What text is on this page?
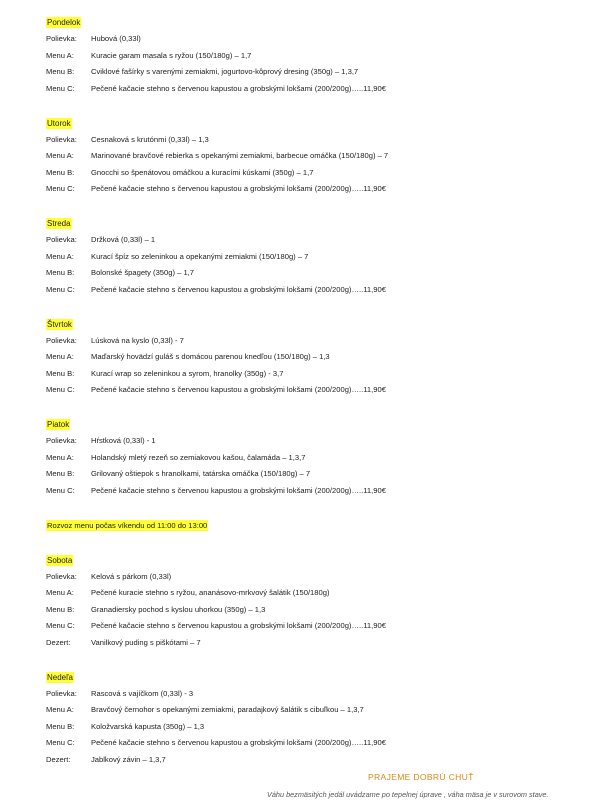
Pondelok
Polievka: Hubová (0,33l)
Menu A: Kuracie garam masala s ryžou (150/180g) – 1,7
Menu B: Cviklové fašírky s varenými zemiakmi, jogurtovo-kôprový dresing (350g) – 1,3,7
Menu C: Pečené kačacie stehno s červenou kapustou a grobskými lokšami (200/200g)…..11,90€
Utorok
Polievka: Cesnaková s krutónmi (0,33l) – 1,3
Menu A: Marinované bravčové rebierka s opekanými zemiakmi, barbecue omáčka (150/180g) – 7
Menu B: Gnocchi so špenátovou omáčkou a kuracími kúskami (350g) – 1,7
Menu C: Pečené kačacie stehno s červenou kapustou a grobskými lokšami (200/200g)…..11,90€
Streda
Polievka: Držková (0,33l) – 1
Menu A: Kurací špíz so zeleninkou a opekanými zemiakmi (150/180g) – 7
Menu B: Bolonské špagety (350g) – 1,7
Menu C: Pečené kačacie stehno s červenou kapustou a grobskými lokšami (200/200g)…..11,90€
Štvrtok
Polievka: Lúsková na kyslo (0,33l) - 7
Menu A: Maďarský hovädzí guláš s domácou parenou knedľou (150/180g) – 1,3
Menu B: Kurací wrap so zeleninkou a syrom, hranolky (350g) - 3,7
Menu C: Pečené kačacie stehno s červenou kapustou a grobskými lokšami (200/200g)…..11,90€
Piatok
Polievka: Hŕstková (0,33l) - 1
Menu A: Holandský mletý rezeň so zemiakovou kašou, čalamáda – 1,3,7
Menu B: Grilovaný oštiepok s hranolkami, tatárska omáčka (150/180g) – 7
Menu C: Pečené kačacie stehno s červenou kapustou a grobskými lokšami (200/200g)…..11,90€
Rozvoz menu počas víkendu od 11:00 do 13:00
Sobota
Polievka: Kelová s párkom (0,33l)
Menu A: Pečené kuracie stehno s ryžou, ananásovo-mrkvový šalátik (150/180g)
Menu B: Granadiersky pochod s kyslou uhorkou (350g) – 1,3
Menu C: Pečené kačacie stehno s červenou kapustou a grobskými lokšami (200/200g)…..11,90€
Dezert:	Vanilkový puding s piškótami – 7
Nedeľa
Polievka: Rascová s vajíčkom (0,33l) - 3
Menu A: Bravčový černohor s opekanými zemiakmi, paradajkový šalátik s cibuľkou – 1,3,7
Menu B: Koložvarská kapusta (350g) – 1,3
Menu C: Pečené kačacie stehno s červenou kapustou a grobskými lokšami (200/200g)…..11,90€
Dezert:	Jablkový závin – 1,3,7
PRAJEME DOBRÚ CHUŤ
Váhu bezmäsitých jedál uvádzame po tepelnej úprave , váha mäsa je v surovom stave.
